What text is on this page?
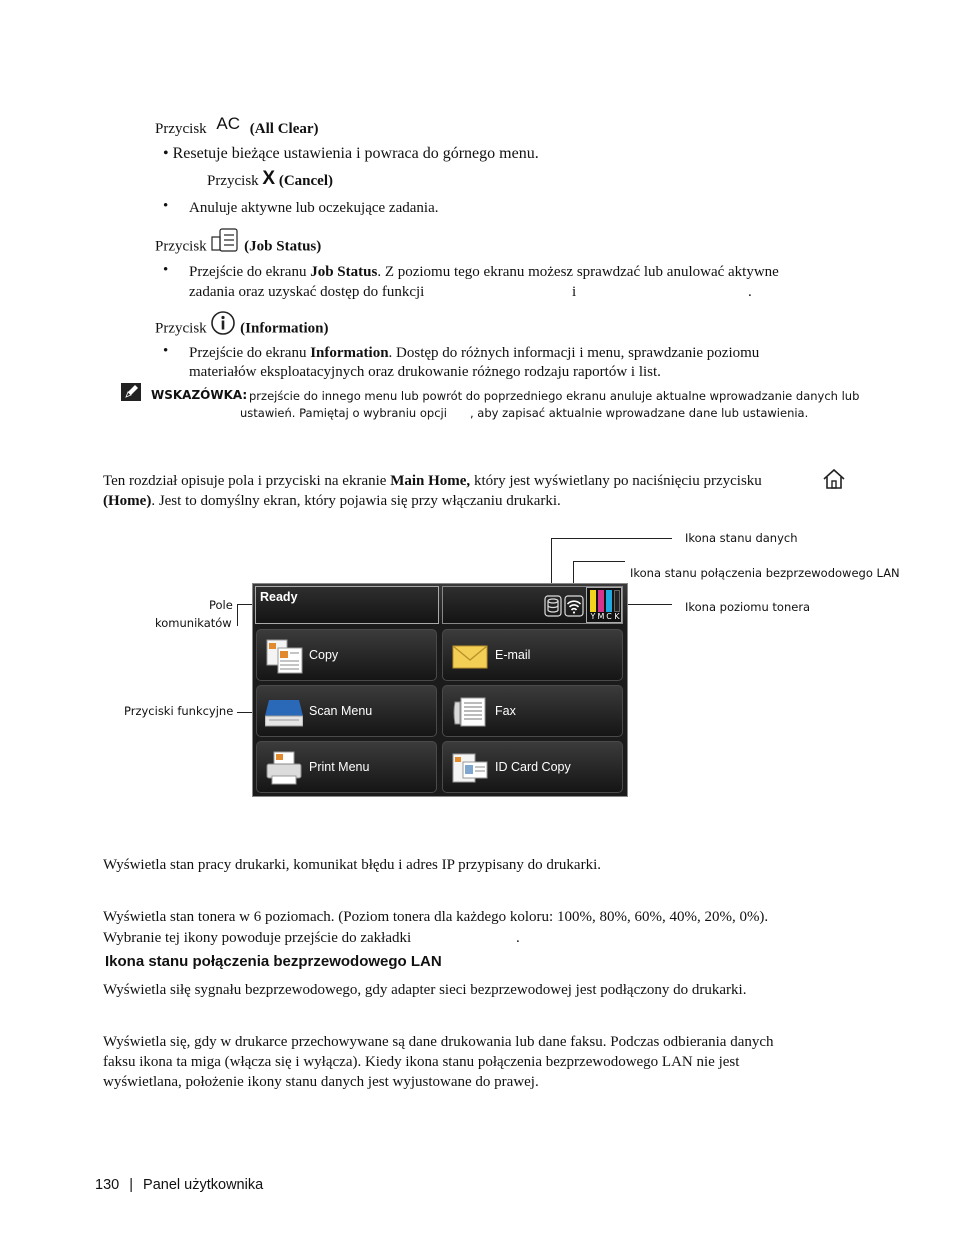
Przycisk AC (All Clear)
• Resetuje bieżące ustawienia i powraca do górnego menu.
Przycisk X (Cancel)
• Anuluje aktywne lub oczekujące zadania.
Przycisk	(Job Status)
• Przejście do ekranu Job Status. Z poziomu tego ekranu możesz sprawdzać lub anulować aktywne
zadania oraz uzyskać dostęp do funkcji	i	.
Przycisk (Information)
• Przejście do ekranu Information. Dostęp do różnych informacji i menu, sprawdzanie poziomu
materiałów eksploatacyjnych oraz drukowanie różnego rodzaju raportów i list.
WSKAZÓWKA: przejście do innego menu lub powrót do poprzedniego ekranu anuluje aktualne wprowadzanie danych lub
ustawień. Pamiętaj o wybraniu opcji , aby zapisać aktualnie wprowadzane dane lub ustawienia.
Ten rozdział opisuje pola i przyciski na ekranie Main Home, który jest wyświetlany po naciśnięciu przycisku
(Home). Jest to domyślny ekran, który pojawia się przy włączaniu drukarki.
Ikona stanu danych
Ikona stanu połączenia bezprzewodowego LAN
Ikona poziomu tonera
Pole
komunikatów
Przyciski funkcyjne
Ready
Y M C K
Copy	E-mail
Scan Menu	Fax
Print Menu	ID Card Copy
Wyświetla stan pracy drukarki, komunikat błędu i adres IP przypisany do drukarki.
Wyświetla stan tonera w 6 poziomach. (Poziom tonera dla każdego koloru: 100%, 80%, 60%, 40%, 20%, 0%).
Wybranie tej ikony powoduje przejście do zakładki	.
Ikona stanu połączenia bezprzewodowego LAN
Wyświetla siłę sygnału bezprzewodowego, gdy adapter sieci bezprzewodowej jest podłączony do drukarki.
Wyświetla się, gdy w drukarce przechowywane są dane drukowania lub dane faksu. Podczas odbierania danych
faksu ikona ta miga (włącza się i wyłącza). Kiedy ikona stanu połączenia bezprzewodowego LAN nie jest
wyświetlana, położenie ikony stanu danych jest wyjustowane do prawej.
130 | Panel użytkownika
